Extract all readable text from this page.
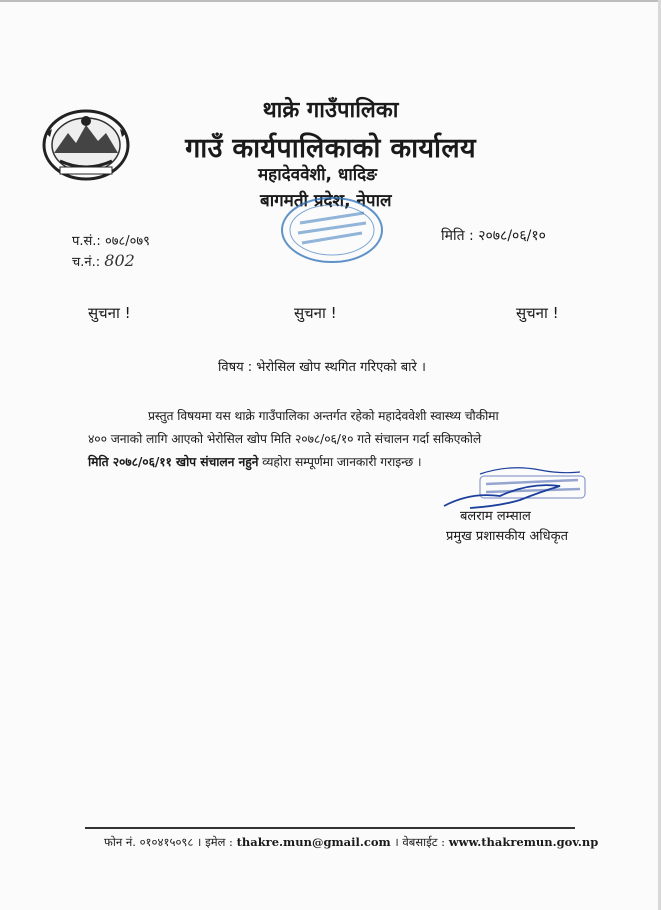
थाक्रे गाउँपालिका
गाउँ कार्यपालिकाको कार्यालय
महादेववेशी, धादिङ
बागमती प्रदेश, नेपाल
प.सं.: ०७८/०७९
च.नं.: 802
मिति : २०७८/०६/१०
सुचना !	सुचना !	सुचना !
विषय : भेरोसिल खोप स्थगित गरिएको बारे ।

प्रस्तुत विषयमा यस थाक्रे गाउँपालिका अन्तर्गत रहेको महादेववेशी स्वास्थ्य चौकीमा

४०० जनाको लागि आएको भेरोसिल खोप मिति २०७८/०६/१० गते संचालन गर्दा सकिएकोले

मिति २०७८/०६/११ खोप संचालन नहुने व्यहोरा सम्पूर्णमा जानकारी गराइन्छ ।

बलराम लम्साल
प्रमुख प्रशासकीय अधिकृत
फोन नं. ०१०४१५०९८ । इमेल : thakre.mun@gmail.com । वेबसाईट : www.thakremun.gov.np
